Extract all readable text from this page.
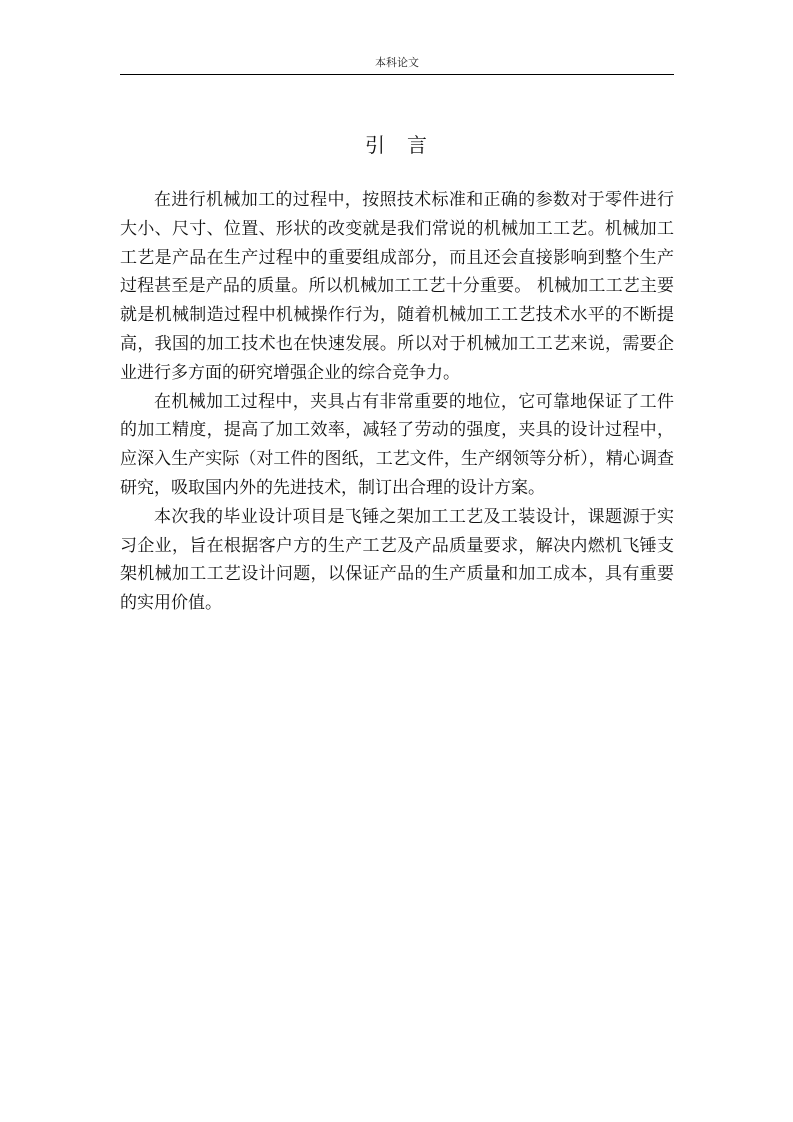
本科论文
引 言

在进行机械加工的过程中，按照技术标准和正确的参数对于零件进行大小、尺寸、位置、形状的改变就是我们常说的机械加工工艺。机械加工工艺是产品在生产过程中的重要组成部分，而且还会直接影响到整个生产过程甚至是产品的质量。所以机械加工工艺十分重要。 机械加工工艺主要就是机械制造过程中机械操作行为，随着机械加工工艺技术水平的不断提高，我国的加工技术也在快速发展。所以对于机械加工工艺来说，需要企业进行多方面的研究增强企业的综合竞争力。

在机械加工过程中，夹具占有非常重要的地位，它可靠地保证了工件的加工精度，提高了加工效率，减轻了劳动的强度，夹具的设计过程中，应深入生产实际（对工件的图纸，工艺文件，生产纲领等分析），精心调查研究，吸取国内外的先进技术，制订出合理的设计方案。

本次我的毕业设计项目是飞锤之架加工工艺及工装设计，课题源于实习企业，旨在根据客户方的生产工艺及产品质量要求，解决内燃机飞锤支架机械加工工艺设计问题，以保证产品的生产质量和加工成本，具有重要的实用价值。
